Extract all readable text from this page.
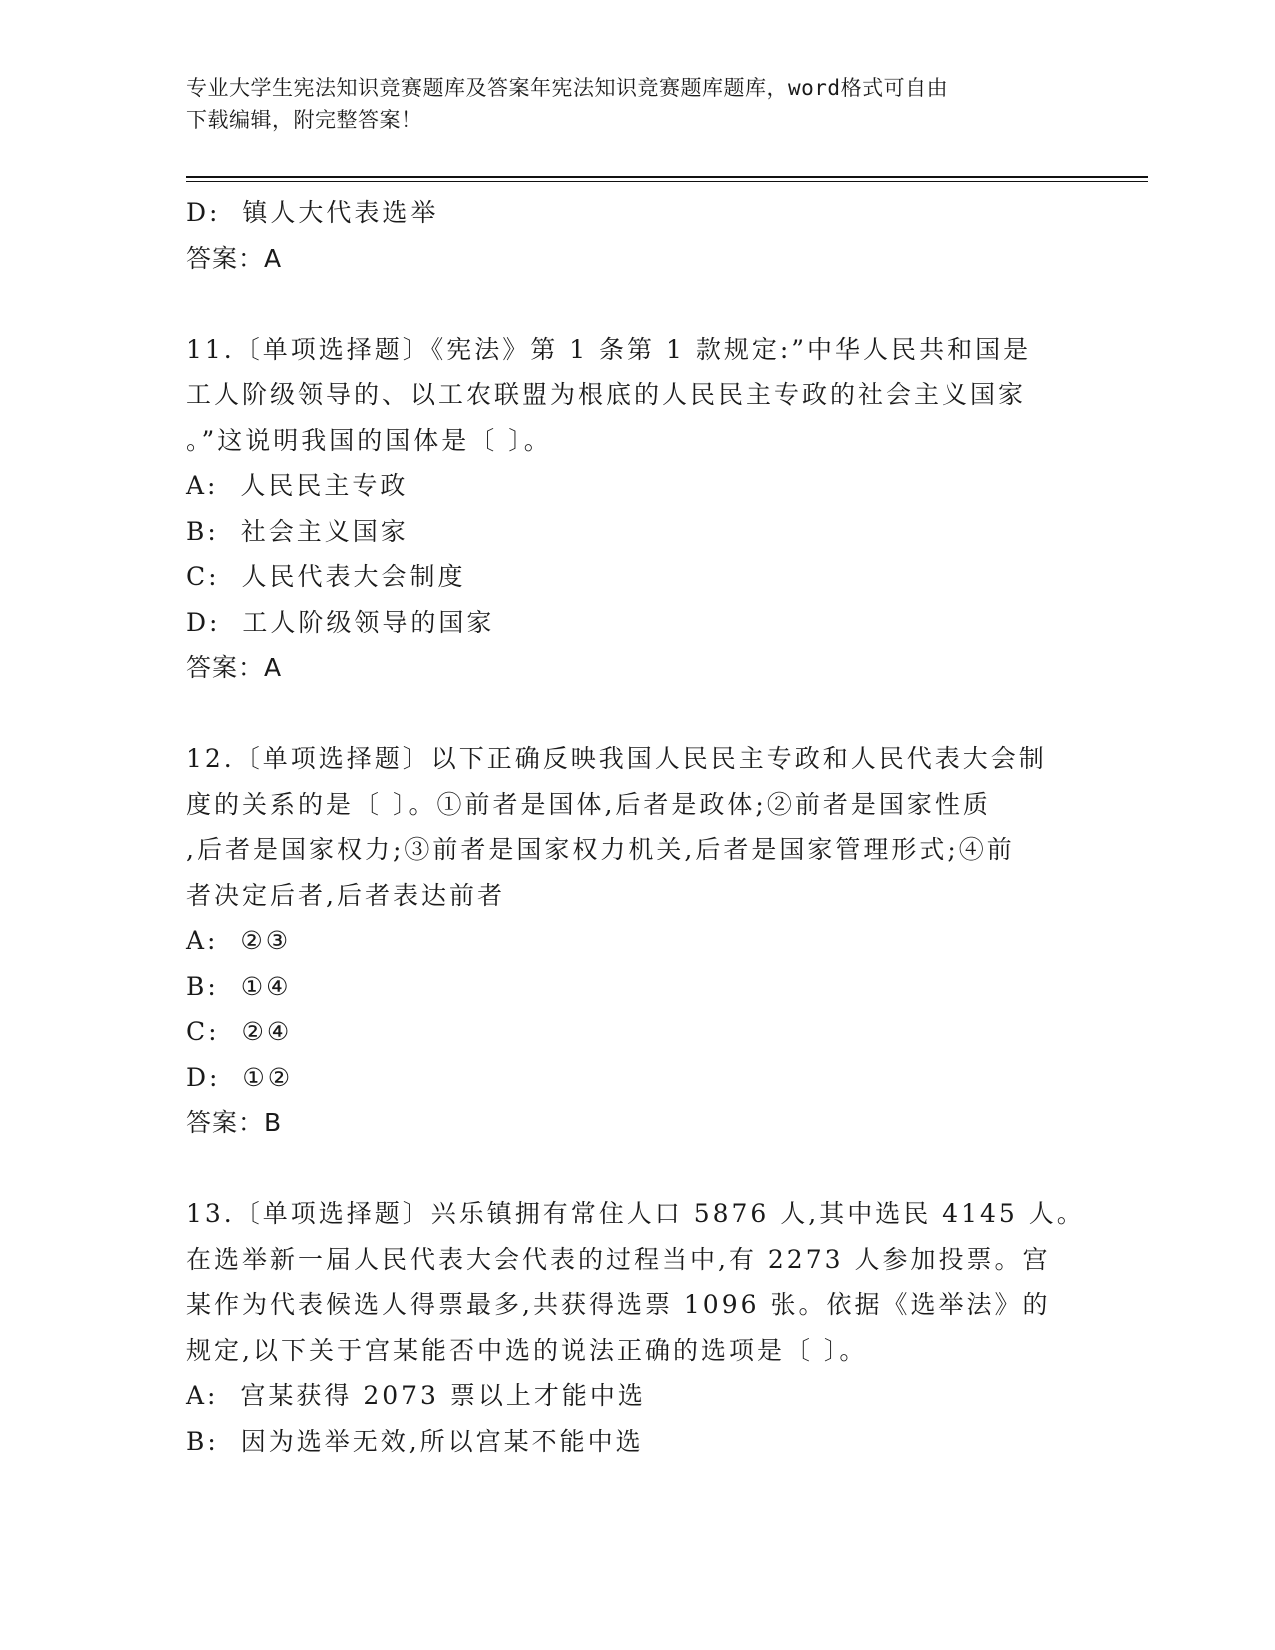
专业大学生宪法知识竞赛题库及答案年宪法知识竞赛题库题库，word格式可自由
下载编辑，附完整答案！

D:  镇人大代表选举

答案：A

11.〔单项选择题〕《宪法》第 1 条第 1 款规定:”中华人民共和国是

工人阶级领导的、以工农联盟为根底的人民民主专政的社会主义国家

。”这说明我国的国体是〔 〕。

A:  人民民主专政

B:  社会主义国家

C:  人民代表大会制度

D:  工人阶级领导的国家

答案：A

12.〔单项选择题〕以下正确反映我国人民民主专政和人民代表大会制

度的关系的是〔 〕。①前者是国体,后者是政体;②前者是国家性质

,后者是国家权力;③前者是国家权力机关,后者是国家管理形式;④前

者决定后者,后者表达前者

A:  ②③

B:  ①④

C:  ②④

D:  ①②

答案：B

13.〔单项选择题〕兴乐镇拥有常住人口 5876 人,其中选民 4145 人。

在选举新一届人民代表大会代表的过程当中,有 2273 人参加投票。宫

某作为代表候选人得票最多,共获得选票 1096 张。依据《选举法》的

规定,以下关于宫某能否中选的说法正确的选项是〔 〕。

A:  宫某获得 2073 票以上才能中选

B:  因为选举无效,所以宫某不能中选
